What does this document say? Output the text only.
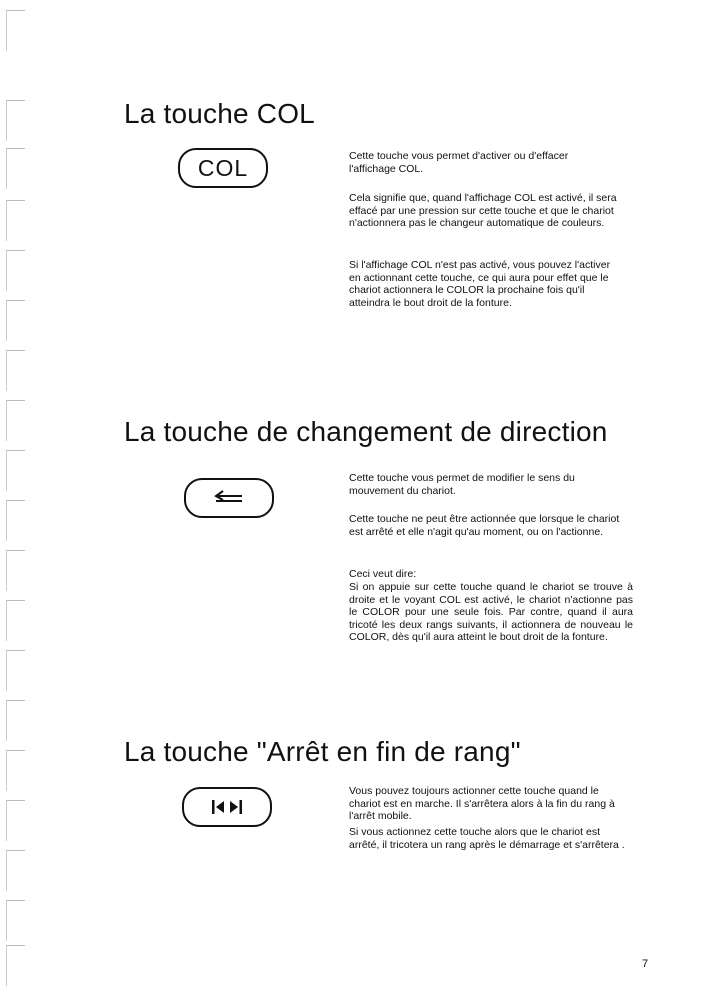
La touche COL
COL	Cette touche vous permet d'activer ou d'effacer l'affichage COL.

Cela signifie que, quand l'affichage COL est activé, il sera effacé par une pression sur cette touche et que le chariot n'actionnera pas le changeur automatique de couleurs.

Si l'affichage COL n'est pas activé, vous pouvez l'activer en actionnant cette touche, ce qui aura pour effet que le chariot actionnera le COLOR la prochaine fois qu'il atteindra le bout droit de la fonture.

La touche de changement de direction

Cette touche vous permet de modifier le sens du mouvement du chariot.

Cette touche ne peut être actionnée que lorsque le chariot est arrêté et elle n'agit qu'au moment, ou on l'actionne.

Ceci veut dire:

Si on appuie sur cette touche quand le chariot se trouve à droite et le voyant COL est activé, le chariot n'actionne pas le COLOR pour une seule fois. Par contre, quand il aura tricoté les deux rangs suivants, il actionnera de nouveau le COLOR, dès qu'il aura atteint le bout droit de la fonture.

La touche "Arrêt en fin de rang"

Vous pouvez toujours actionner cette touche quand le chariot est en marche. Il s'arrêtera alors à la fin du rang à l'arrêt mobile.

Si vous actionnez cette touche alors que le chariot est arrêté, il tricotera un rang après le démarrage et s'arrêtera .

7
